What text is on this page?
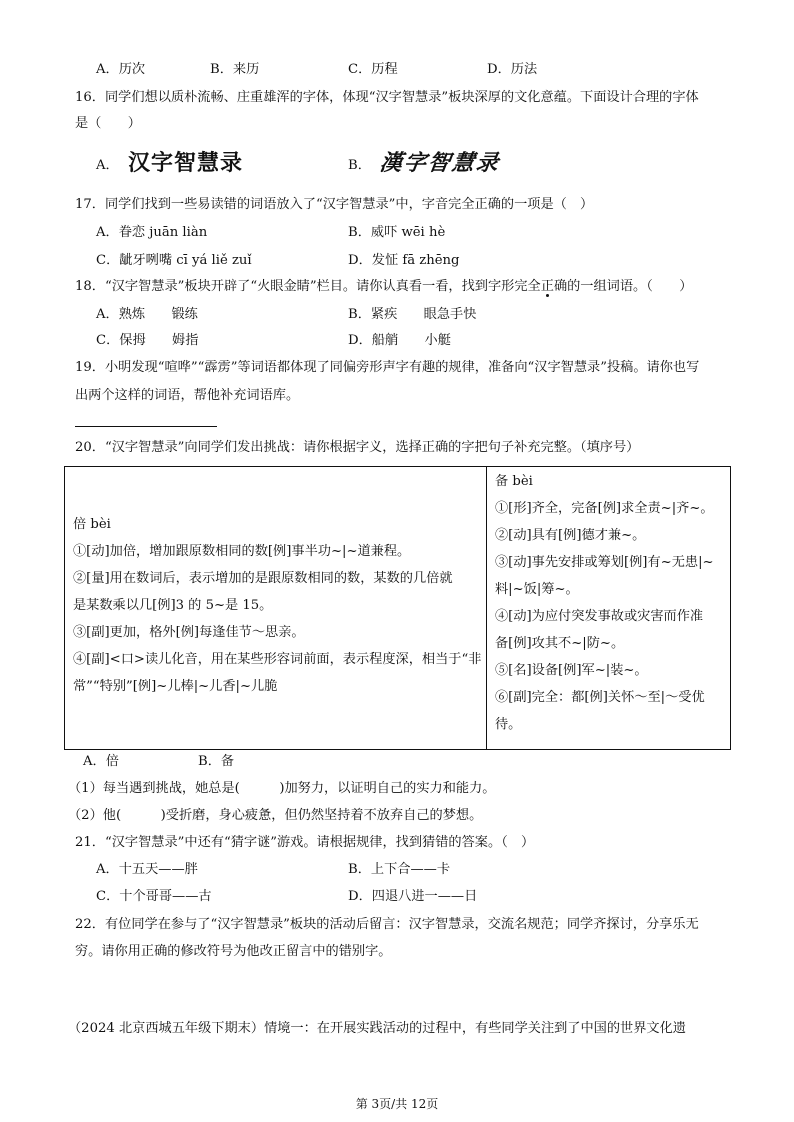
A．历次	B．来历	C．历程	D．历法
16．同学们想以质朴流畅、庄重雄浑的字体，体现“汉字智慧录”板块深厚的文化意蕴。下面设计合理的字体
是（　　）
A． 汉字智慧录	B． 漢字智慧录
17．同学们找到一些易读错的词语放入了“汉字智慧录”中，字音完全正确的一项是（　）
A．眷恋 juān liàn	B．威吓 wēi hè
C．龇牙咧嘴 cī yá liě zuǐ	D．发怔 fā zhēng
18．“汉字智慧录”板块开辟了“火眼金睛”栏目。请你认真看一看，找到字形完全正确的一组词语。（　　）
A．熟炼　　锻练	B．紧疾　　眼急手快
C．保拇　　姆指	D．船艄　　小艇
19．小明发现“喧哗”“霹雳”等词语都体现了同偏旁形声字有趣的规律，准备向“汉字智慧录”投稿。请你也写
出两个这样的词语，帮他补充词语库。
20．“汉字智慧录”向同学们发出挑战：请你根据字义，选择正确的字把句子补充完整。（填序号）
倍 bèi
①[动]加倍，增加跟原数相同的数[例]事半功~|~道兼程。
②[量]用在数词后，表示增加的是跟原数相同的数，某数的几倍就
是某数乘以几[例]3 的 5~是 15。
③[副]更加，格外[例]每逢佳节～思亲。
④[副]<口>读儿化音，用在某些形容词前面，表示程度深，相当于“非
常”“特别”[例]~儿棒|~儿香|~儿脆

备 bèi
①[形]齐全，完备[例]求全责~|齐~。
②[动]具有[例]德才兼~。
③[动]事先安排或筹划[例]有~无患|~
料|~饭|筹~。
④[动]为应付突发事故或灾害而作准
备[例]攻其不~|防~。
⑤[名]设备[例]军~|装~。
⑥[副]完全：都[例]关怀～至|～受优
待。
A．倍	B．备
（1）每当遇到挑战，她总是(　　　)加努力，以证明自己的实力和能力。
（2）他(　　　)受折磨，身心疲惫，但仍然坚持着不放弃自己的梦想。
21．“汉字智慧录”中还有“猜字谜”游戏。请根据规律，找到猜错的答案。（　）
A．十五天——胖	B．上下合——卡
C．十个哥哥——古	D．四退八进一——日
22．有位同学在参与了“汉字智慧录”板块的活动后留言：汉字智慧录，交流名规范；同学齐探讨，分享乐无
穷。请你用正确的修改符号为他改正留言中的错别字。
（2024 北京西城五年级下期末）情境一：在开展实践活动的过程中，有些同学关注到了中国的世界文化遗
第 3页/共 12页
